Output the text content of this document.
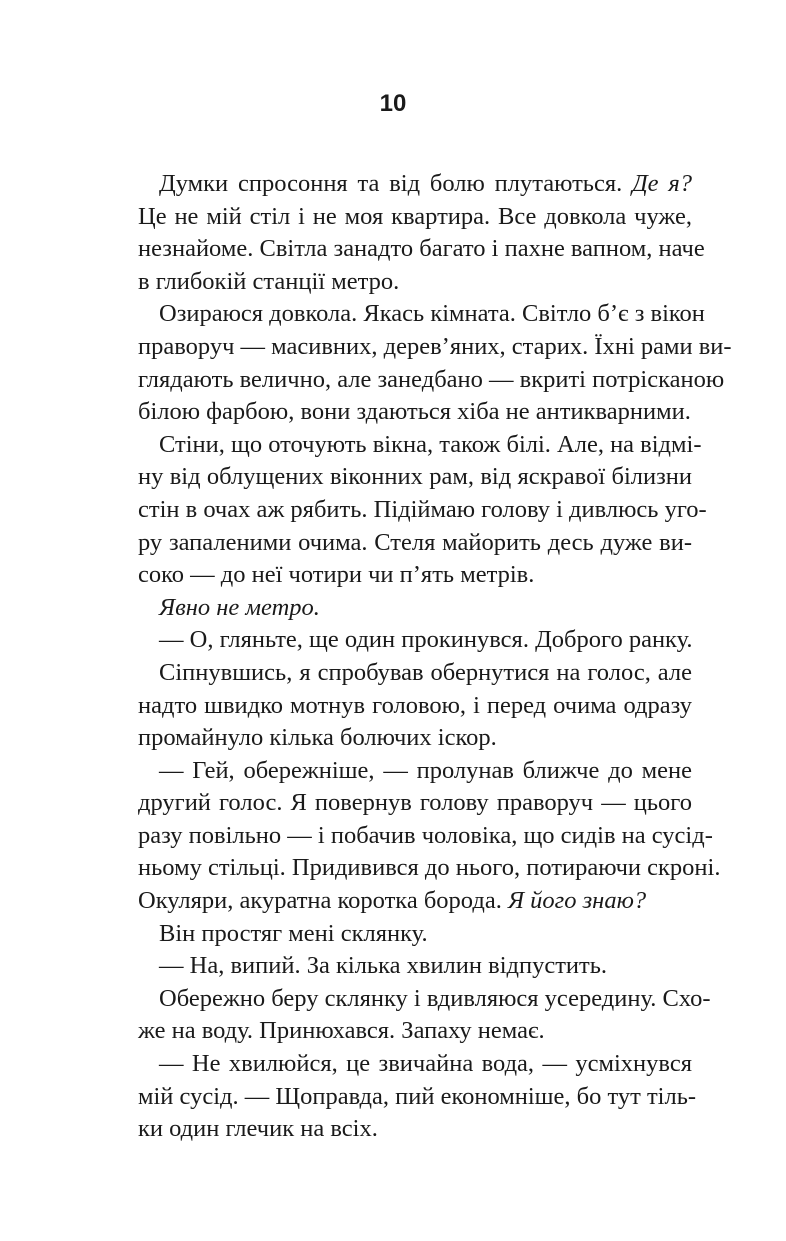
10
Думки спросоння та від болю плутаються. Де я?
Це не мій стіл і не моя квартира. Все довкола чуже,
незнайоме. Світла занадто багато і пахне вапном, наче
в глибокій станції метро.
Озираюся довкола. Якась кімната. Світло б’є з вікон
праворуч — масивних, дерев’яних, старих. Їхні рами ви-
глядають велично, але занедбано — вкриті потрісканою
білою фарбою, вони здаються хіба не антикварними.
Стіни, що оточують вікна, також білі. Але, на відмі-
ну від облущених віконних рам, від яскравої білизни
стін в очах аж рябить. Підіймаю голову і дивлюсь уго-
ру запаленими очима. Стеля майорить десь дуже ви-
соко — до неї чотири чи п’ять метрів.
Явно не метро.
— О, гляньте, ще один прокинувся. Доброго ранку.
Сіпнувшись, я спробував обернутися на голос, але
надто швидко мотнув головою, і перед очима одразу
промайнуло кілька болючих іскор.
— Гей, обережніше, — пролунав ближче до мене
другий голос. Я повернув голову праворуч — цього
разу повільно — і побачив чоловіка, що сидів на сусід-
ньому стільці. Придивився до нього, потираючи скроні.
Окуляри, акуратна коротка борода. Я його знаю?
Він простяг мені склянку.
— На, випий. За кілька хвилин відпустить.
Обережно беру склянку і вдивляюся усередину. Схо-
же на воду. Принюхався. Запаху немає.
— Не хвилюйся, це звичайна вода, — усміхнувся
мій сусід. — Щоправда, пий економніше, бо тут тіль-
ки один глечик на всіх.
